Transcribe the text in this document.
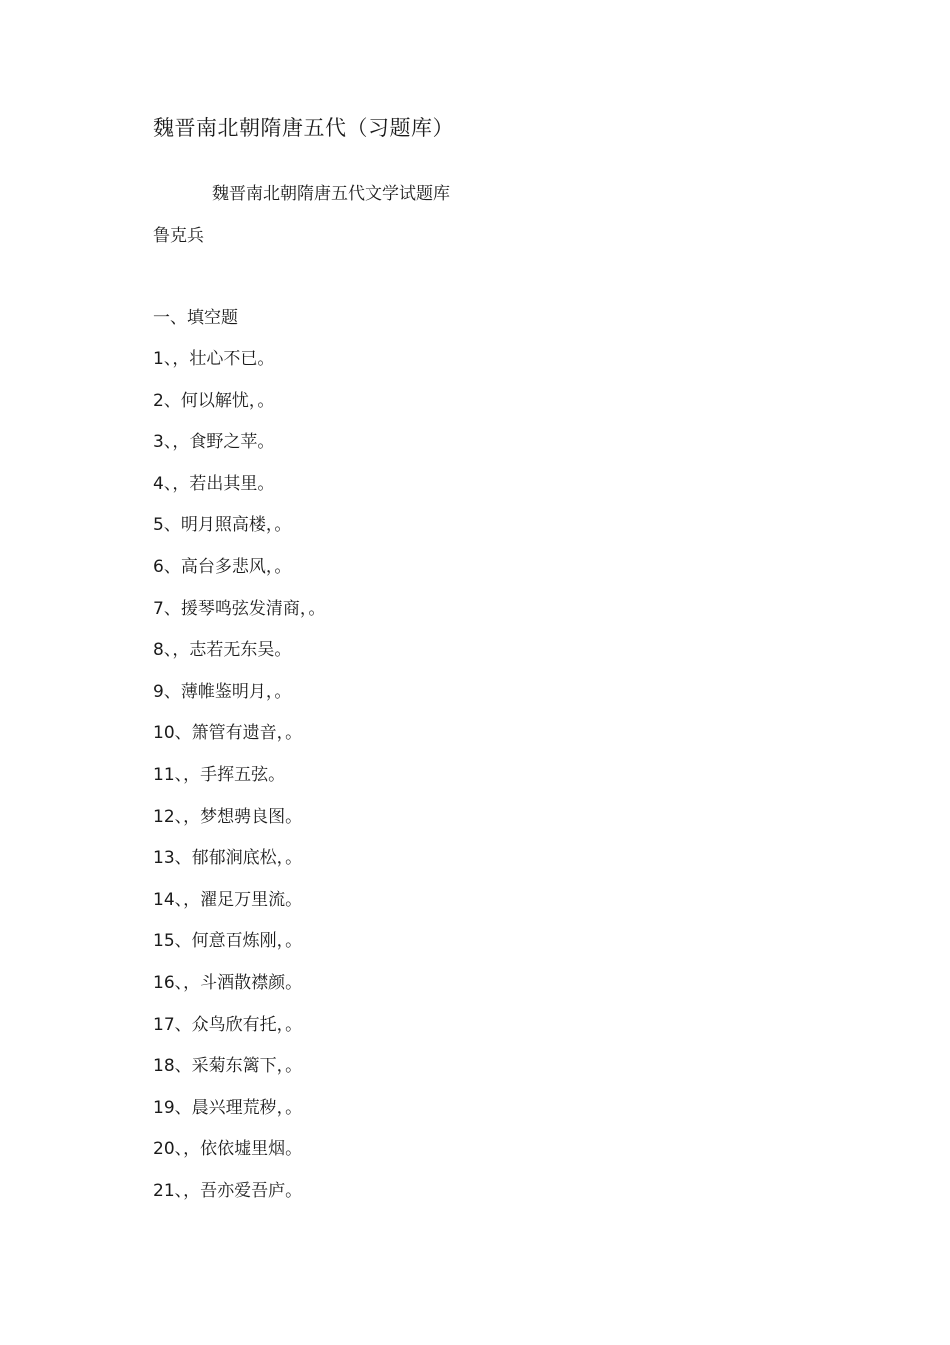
魏晋南北朝隋唐五代（习题库）
魏晋南北朝隋唐五代文学试题库
鲁克兵
一、填空题
1、，壮心不已。
2、何以解忧，。
3、，食野之苹。
4、，若出其里。
5、明月照高楼，。
6、高台多悲风，。
7、援琴鸣弦发清商，。
8、，志若无东吴。
9、薄帷鉴明月，。
10、箫管有遗音，。
11、，手挥五弦。
12、，梦想骋良图。
13、郁郁涧底松，。
14、，濯足万里流。
15、何意百炼刚，。
16、，斗酒散襟颜。
17、众鸟欣有托，。
18、采菊东篱下，。
19、晨兴理荒秽，。
20、，依依墟里烟。
21、，吾亦爱吾庐。
